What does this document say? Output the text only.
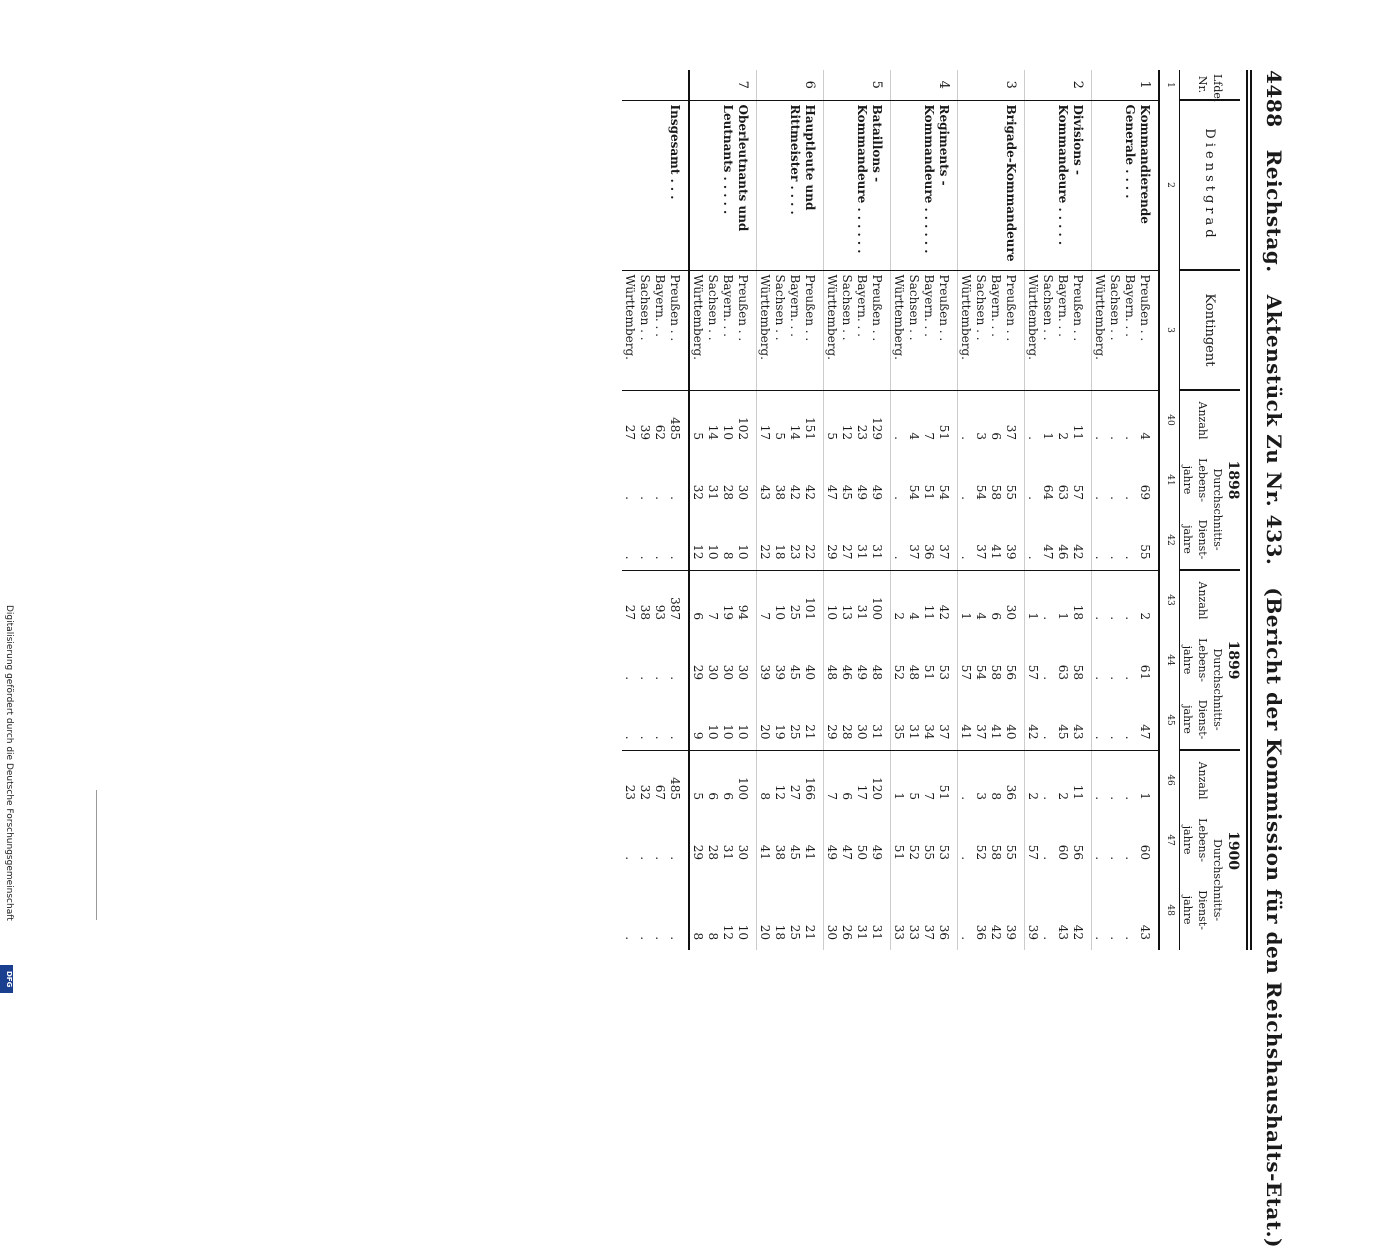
4488
Reichstag.
Aktenstück Zu Nr. 433.
(Bericht der Kommission für den Reichshaushalts-Etat.)
Lfde. Nr.	Dienstgrad	Kontingent	1898			1899			1900			
			Anzahl	Durchschnitts-		Anzahl	Durchschnitts-		Anzahl	Durchschnitts-		
				Lebens- jahre	Dienst- jahre		Lebens- jahre	Dienst- jahre		Lebens- jahre	Dienst- jahre	
1	2	3	40	41	42	43	44	45	46	47	48	
1	Kommandierende Generale . . . .	Preußen . .	4	69	55	2	61	47	1	60	43	
		Bayern. . .	.	.	.	.	.	.	.	.	.	
		Sachsen . .	.	.	.	.	.	.	.	.	.	
		Württemberg.	.	.	.	.	.	.	.	.	.	
2	Divisions - Kommandeure . . . . .	Preußen . .	11	57	42	18	58	43	11	56	42	
		Bayern. . .	2	63	46	1	63	45	2	60	43	
		Sachsen . .	1	64	47	.	.	.	.	.	.	
		Württemberg.	.	.	.	1	57	42	2	57	39	
3	Brigade-Kommandeure	Preußen . .	37	55	39	30	56	40	36	55	39	
		Bayern. . .	6	58	41	6	58	41	8	58	42	
		Sachsen . .	3	54	37	4	54	37	3	52	36	
		Württemberg.	.	.	.	1	57	41	.	.	.	
4	Regiments - Kommandeure . . . . . .	Preußen . .	51	54	37	42	53	37	51	53	36	
		Bayern. . .	7	51	36	11	51	34	7	55	37	
		Sachsen . .	4	54	37	4	48	31	5	52	33	
		Württemberg.	.	.	.	2	52	35	1	51	33	
5	Bataillons - Kommandeure . . . . . .	Preußen . .	129	49	31	100	48	31	120	49	31	
		Bayern. . .	23	49	31	31	49	30	17	50	31	
		Sachsen . .	12	45	27	13	46	28	6	47	26	
		Württemberg.	5	47	29	10	48	29	7	49	30	
6	Hauptleute und Rittmeister . . . .	Preußen . .	151	42	22	101	40	21	166	41	21	
		Bayern. . .	14	42	23	25	45	25	27	45	25	
		Sachsen . .	5	38	18	10	39	19	12	38	18	
		Württemberg.	17	43	22	7	39	20	8	41	20	
7	Oberleutnants und Leutnants . . . . .	Preußen . .	102	30	10	94	30	10	100	30	10	
		Bayern. . .	10	28	8	19	30	10	6	31	12	
		Sachsen . .	14	31	10	7	30	10	6	28	8	
		Württemberg.	5	32	12	6	29	9	5	29	8	
	Insgesamt . . .	Preußen . .	485	.	.	387	.	.	485	.	.	
		Bayern. . .	62	.	.	93	.	.	67	.	.	
		Sachsen . .	39	.	.	38	.	.	32	.	.	
		Württemberg.	27	.	.	27	.	.	23	.	.	
Digitalisierung gefördert durch die Deutsche Forschungsgemeinschaft
DFG
